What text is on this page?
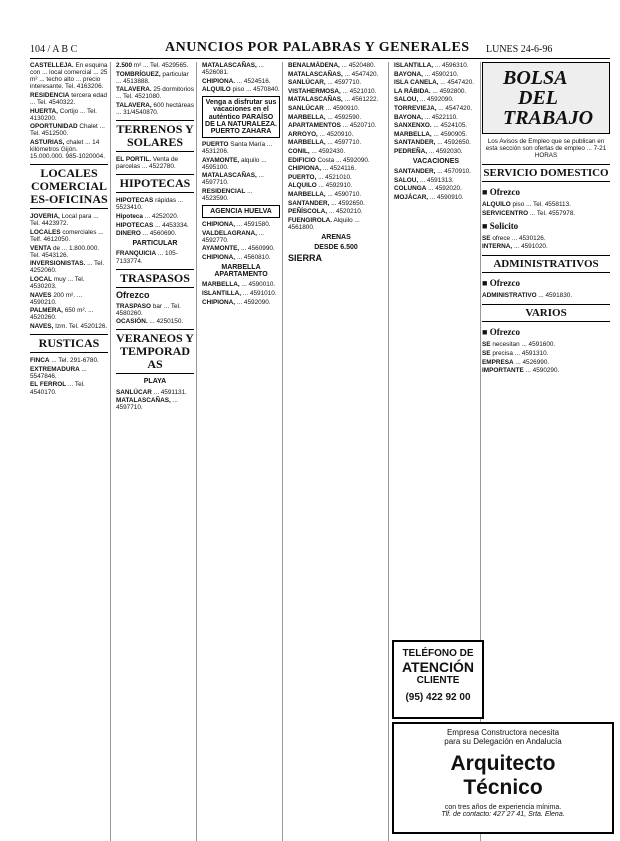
104 / A B C	ANUNCIOS POR PALABRAS Y GENERALES LUNES 24-6-96

CASTELLEJA. En esquina con ... local comercial ... 25 m² ... techo alto ... precio interesante. Tel. 4163206.

RESIDENCIA tercera edad ... Tel. 4540322.

HUERTA, Cortijo ... Tel. 4130200.

OPORTUNIDAD Chalet ... Tel. 4512500.

ASTURIAS, chalet ... 14 kilómetros Gijón. 15.000.000. 985-1020004.

LOCALES COMERCIALES-OFICINAS

JOVERIA, Local para ... Tel. 4423972.

LOCALES comerciales ... Telf. 4612050.

VENTA de ... 1.800.000. Tel. 4543126.

INVERSIONISTAS. ... Tel. 4252060.

LOCAL muy ... Tel. 4530203.

NAVES 200 m². ... 4590210.

PALMERA, 650 m². ... 4520260.

NAVES, Izm. Tel. 4520126.

RUSTICAS

FINCA ... Tel. 291-6780.

EXTREMADURA ... 5547846.

EL FERROL ... Tel. 4540170.

2.500 m² ... Tel. 4529565.

TOMBRÍGUEZ, particular ... 4513888.

TALAVERA. 25 dormitorios ... Tel. 4521080.

TALAVERA, 600 hectáreas ... 31/4540870.

TERRENOS Y SOLARES

EL PORTIL. Venta de parcelas ... 4522780.

HIPOTECAS

HIPOTECAS rápidas ... 5523410.

Hipoteca ... 4252020.

HIPOTECAS ... 4453334.

DINERO ... 4560690.

PARTICULAR

FRANQUICIA ... 105-7133774.

TRASPASOS
Ofrezco

TRASPASO bar ... Tel. 4580260.

OCASIÓN. ... 4250150.

VERANEOS Y TEMPORADAS
PLAYA

SANLÚCAR ... 4591131.

MATALASCAÑAS, ... 4597710.

MATALASCAÑAS, ... 4526081.

CHIPIONA. ... 4524516.

ALQUILO piso ... 4570840.

Venga a disfrutar sus vacaciones en el auténtico PARAÍSO DE LA NATURALEZA. PUERTO ZAHARA

PUERTO Santa María ... 4531206.

AYAMONTE, alquilo ... 4595100.

MATALASCAÑAS, ... 4597710.

RESIDENCIAL ... 4523590.

AGENCIA HUELVA

CHIPIONA, ... 4591580.

VALDELAGRANA, ... 4592770.

AYAMONTE, ... 4560990.

CHIPIONA, ... 4560810.

MARBELLA APARTAMENTO

MARBELLA, ... 4590010.

ISLANTILLA, ... 4591010.

CHIPIONA, ... 4592090.

BENALMÁDENA, ... 4520480.

MATALASCAÑAS, ... 4547420.

SANLÚCAR, ... 4597710.

VISTAHERMOSA, ... 4521010.

MATALASCAÑAS, ... 4561222.

SANLÚCAR ... 4590910.

MARBELLA, ... 4592590.

APARTAMENTOS ... 4520710.

ARROYO, ... 4520910.

MARBELLA, ... 4597710.

CONIL, ... 4592430.

EDIFICIO Costa ... 4592090.

CHIPIONA, ... 4524116.

PUERTO, ... 4521010.

ALQUILO ... 4592910.

MARBELLA, ... 4590710.

SANTANDER, ... 4592650.

PEÑÍSCOLA, ... 4520210.

FUENGIROLA. Alquilo ... 4561800.

ARENAS
DESDE 6.500
SIERRA

ISLANTILLA, ... 4596310.

BAYONA, ... 4590210.

ISLA CANELA, ... 4547420.

LA RÁBIDA. ... 4592800.

SALOU, ... 4592090.

TORREVIEJA, ... 4547420.

BAYONA, ... 4522110.

SANXENXO. ... 4524105.

MARBELLA, ... 4590905.

SANTANDER, ... 4592650.

PEDREÑA, ... 4592030.

VACACIONES

SANTANDER, ... 4570910.

SALOU, ... 4591313.

COLUNGA ... 4592020.

MOJÁCAR, ... 4590910.

BOLSA
DEL
TRABAJO
Los Avisos de Empleo que se publican en esta sección son ofertas de empleo ... 7-21 HORAS
SERVICIO DOMESTICO
■ Ofrezco

ALQUILO piso ... Tel. 4558113.

SERVICENTRO ... Tel. 4557978.

■ Solicito

SE ofrece ... 4530126.

INTERNA, ... 4591020.

ADMINISTRATIVOS
■ Ofrezco

ADMINISTRATIVO ... 4591830.

VARIOS
■ Ofrezco

SE necesitan ... 4591600.

SE precisa ... 4591310.

EMPRESA ... 4526990.

IMPORTANTE ... 4590290.

TELÉFONO DE
ATENCIÓN
CLIENTE
(95) 422 92 00
Empresa Constructora necesita
para su Delegación en Andalucía
Arquitecto
Técnico
con tres años de experiencia mínima.
Tlf. de contacto: 427 27 41, Srta. Elena.
